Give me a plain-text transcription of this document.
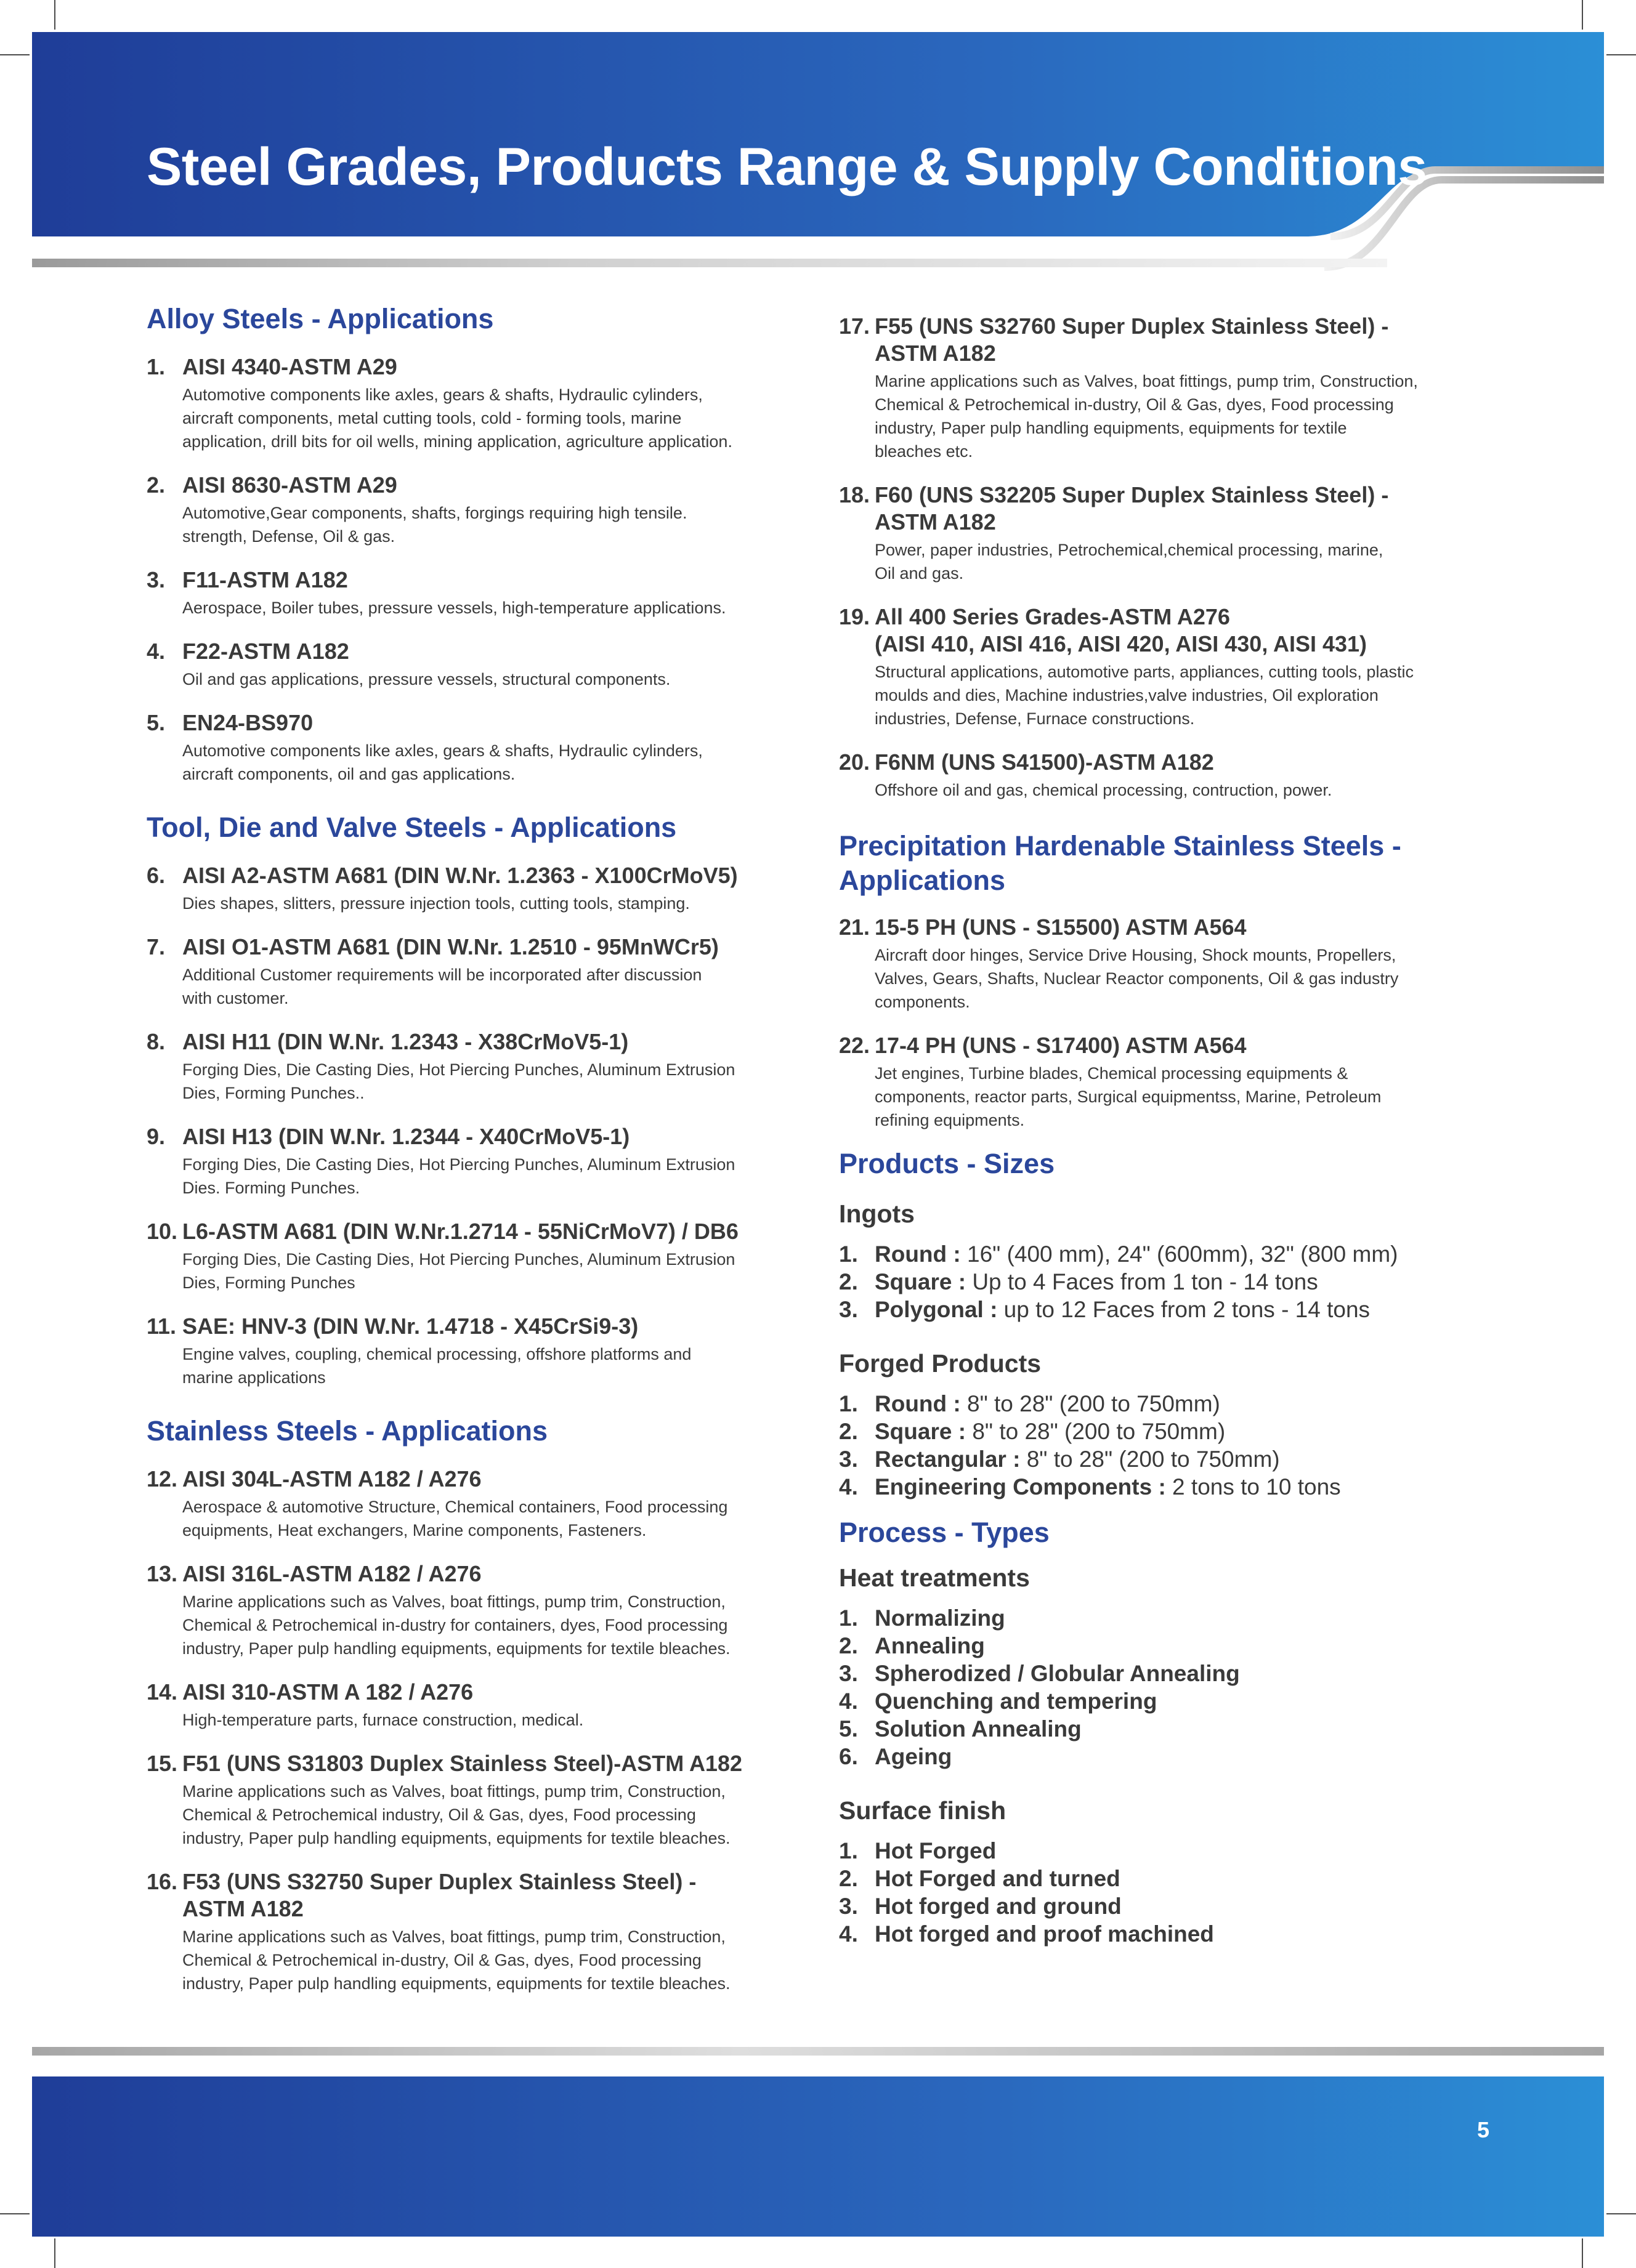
Steel Grades, Products Range & Supply Conditions
Alloy Steels - Applications
1. AISI 4340-ASTM A29
Automotive components like axles, gears & shafts, Hydraulic cylinders,
aircraft components, metal cutting tools, cold - forming tools, marine
application, drill bits for oil wells, mining application, agriculture application.
2. AISI 8630-ASTM A29
Automotive,Gear components, shafts, forgings requiring high tensile.
strength, Defense, Oil & gas.
3. F11-ASTM A182
Aerospace, Boiler tubes, pressure vessels, high-temperature applications.
4. F22-ASTM A182
Oil and gas applications, pressure vessels, structural components.
5. EN24-BS970
Automotive components like axles, gears & shafts, Hydraulic cylinders,
aircraft components, oil and gas applications.
Tool, Die and Valve Steels - Applications
6. AISI A2-ASTM A681 (DIN W.Nr. 1.2363 - X100CrMoV5)
Dies shapes, slitters, pressure injection tools, cutting tools, stamping.
7. AISI O1-ASTM A681 (DIN W.Nr. 1.2510 - 95MnWCr5)
Additional Customer requirements will be incorporated after discussion
with customer.
8. AISI H11 (DIN W.Nr. 1.2343 - X38CrMoV5-1)
Forging Dies, Die Casting Dies, Hot Piercing Punches, Aluminum Extrusion
Dies, Forming Punches..
9. AISI H13 (DIN W.Nr. 1.2344 - X40CrMoV5-1)
Forging Dies, Die Casting Dies, Hot Piercing Punches, Aluminum Extrusion
Dies. Forming Punches.
10. L6-ASTM A681 (DIN W.Nr.1.2714 - 55NiCrMoV7) / DB6
Forging Dies, Die Casting Dies, Hot Piercing Punches, Aluminum Extrusion
Dies, Forming Punches
11. SAE: HNV-3 (DIN W.Nr. 1.4718 - X45CrSi9-3)
Engine valves, coupling, chemical processing, offshore platforms and
marine applications
Stainless Steels - Applications
12. AISI 304L-ASTM A182 / A276
Aerospace & automotive Structure, Chemical containers, Food processing
equipments, Heat exchangers, Marine components, Fasteners.
13. AISI 316L-ASTM A182 / A276
Marine applications such as Valves, boat fittings, pump trim, Construction,
Chemical & Petrochemical in-dustry for containers, dyes, Food processing
industry, Paper pulp handling equipments, equipments for textile bleaches.
14. AISI 310-ASTM A 182 / A276
High-temperature parts, furnace construction, medical.
15. F51 (UNS S31803 Duplex Stainless Steel)-ASTM A182
Marine applications such as Valves, boat fittings, pump trim, Construction,
Chemical & Petrochemical industry, Oil & Gas, dyes, Food processing
industry, Paper pulp handling equipments, equipments for textile bleaches.
16. F53 (UNS S32750 Super Duplex Stainless Steel) -
ASTM A182
Marine applications such as Valves, boat fittings, pump trim, Construction,
Chemical & Petrochemical in-dustry, Oil & Gas, dyes, Food processing
industry, Paper pulp handling equipments, equipments for textile bleaches.
17. F55 (UNS S32760 Super Duplex Stainless Steel) -
ASTM A182
Marine applications such as Valves, boat fittings, pump trim, Construction,
Chemical & Petrochemical in-dustry, Oil & Gas, dyes, Food processing
industry, Paper pulp handling equipments, equipments for textile
bleaches etc.
18. F60 (UNS S32205 Super Duplex Stainless Steel) -
ASTM A182
Power, paper industries, Petrochemical,chemical processing, marine,
Oil and gas.
19. All 400 Series Grades-ASTM A276
(AISI 410, AISI 416, AISI 420, AISI 430, AISI 431)
Structural applications, automotive parts, appliances, cutting tools, plastic
moulds and dies, Machine industries,valve industries, Oil exploration
industries, Defense, Furnace constructions.
20. F6NM (UNS S41500)-ASTM A182
Offshore oil and gas, chemical processing, contruction, power.
Precipitation Hardenable Stainless Steels -
Applications
21. 15-5 PH (UNS - S15500) ASTM A564
Aircraft door hinges, Service Drive Housing, Shock mounts, Propellers,
Valves, Gears, Shafts, Nuclear Reactor components, Oil & gas industry
components.
22. 17-4 PH (UNS - S17400) ASTM A564
Jet engines, Turbine blades, Chemical processing equipments &
components, reactor parts, Surgical equipmentss, Marine, Petroleum
refining equipments.
Products - Sizes
Ingots
1. Round : 16" (400 mm), 24" (600mm), 32" (800 mm)
2. Square : Up to 4 Faces from 1 ton - 14 tons
3. Polygonal : up to 12 Faces from 2 tons - 14 tons
Forged Products
1. Round : 8" to 28" (200 to 750mm)
2. Square : 8" to 28" (200 to 750mm)
3. Rectangular : 8" to 28" (200 to 750mm)
4. Engineering Components : 2 tons to 10 tons
Process - Types
Heat treatments
1. Normalizing
2. Annealing
3. Spherodized / Globular Annealing
4. Quenching and tempering
5. Solution Annealing
6. Ageing
Surface finish
1. Hot Forged
2. Hot Forged and turned
3. Hot forged and ground
4. Hot forged and proof machined
5
